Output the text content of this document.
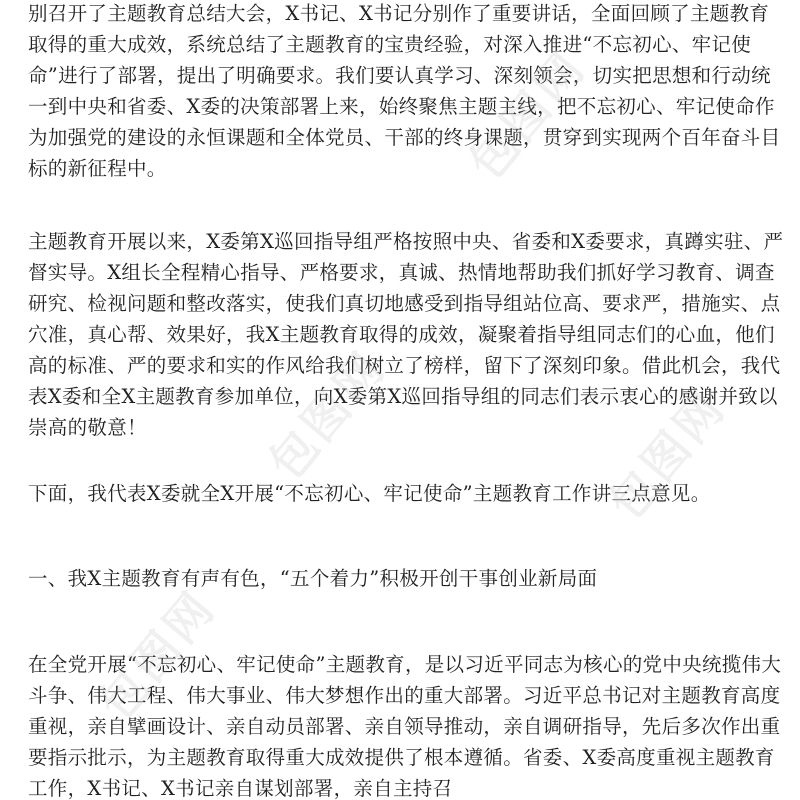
别召开了主题教育总结大会，X书记、X书记分别作了重要讲话，全面回顾了主题教育取得的重大成效，系统总结了主题教育的宝贵经验，对深入推进“不忘初心、牢记使命”进行了部署，提出了明确要求。我们要认真学习、深刻领会，切实把思想和行动统一到中央和省委、X委的决策部署上来，始终聚焦主题主线，把不忘初心、牢记使命作为加强党的建设的永恒课题和全体党员、干部的终身课题，贯穿到实现两个百年奋斗目标的新征程中。

主题教育开展以来，X委第X巡回指导组严格按照中央、省委和X委要求，真蹲实驻、严督实导。X组长全程精心指导、严格要求，真诚、热情地帮助我们抓好学习教育、调查研究、检视问题和整改落实，使我们真切地感受到指导组站位高、要求严，措施实、点穴准，真心帮、效果好，我X主题教育取得的成效，凝聚着指导组同志们的心血，他们高的标准、严的要求和实的作风给我们树立了榜样，留下了深刻印象。借此机会，我代表X委和全X主题教育参加单位，向X委第X巡回指导组的同志们表示衷心的感谢并致以崇高的敬意！

下面，我代表X委就全X开展“不忘初心、牢记使命”主题教育工作讲三点意见。

一、我X主题教育有声有色，“五个着力”积极开创干事创业新局面

在全党开展“不忘初心、牢记使命”主题教育，是以习近平同志为核心的党中央统揽伟大斗争、伟大工程、伟大事业、伟大梦想作出的重大部署。习近平总书记对主题教育高度重视，亲自擘画设计、亲自动员部署、亲自领导推动，亲自调研指导，先后多次作出重要指示批示，为主题教育取得重大成效提供了根本遵循。省委、X委高度重视主题教育工作，X书记、X书记亲自谋划部署，亲自主持召

包图网
包图网	包图网
包图网
